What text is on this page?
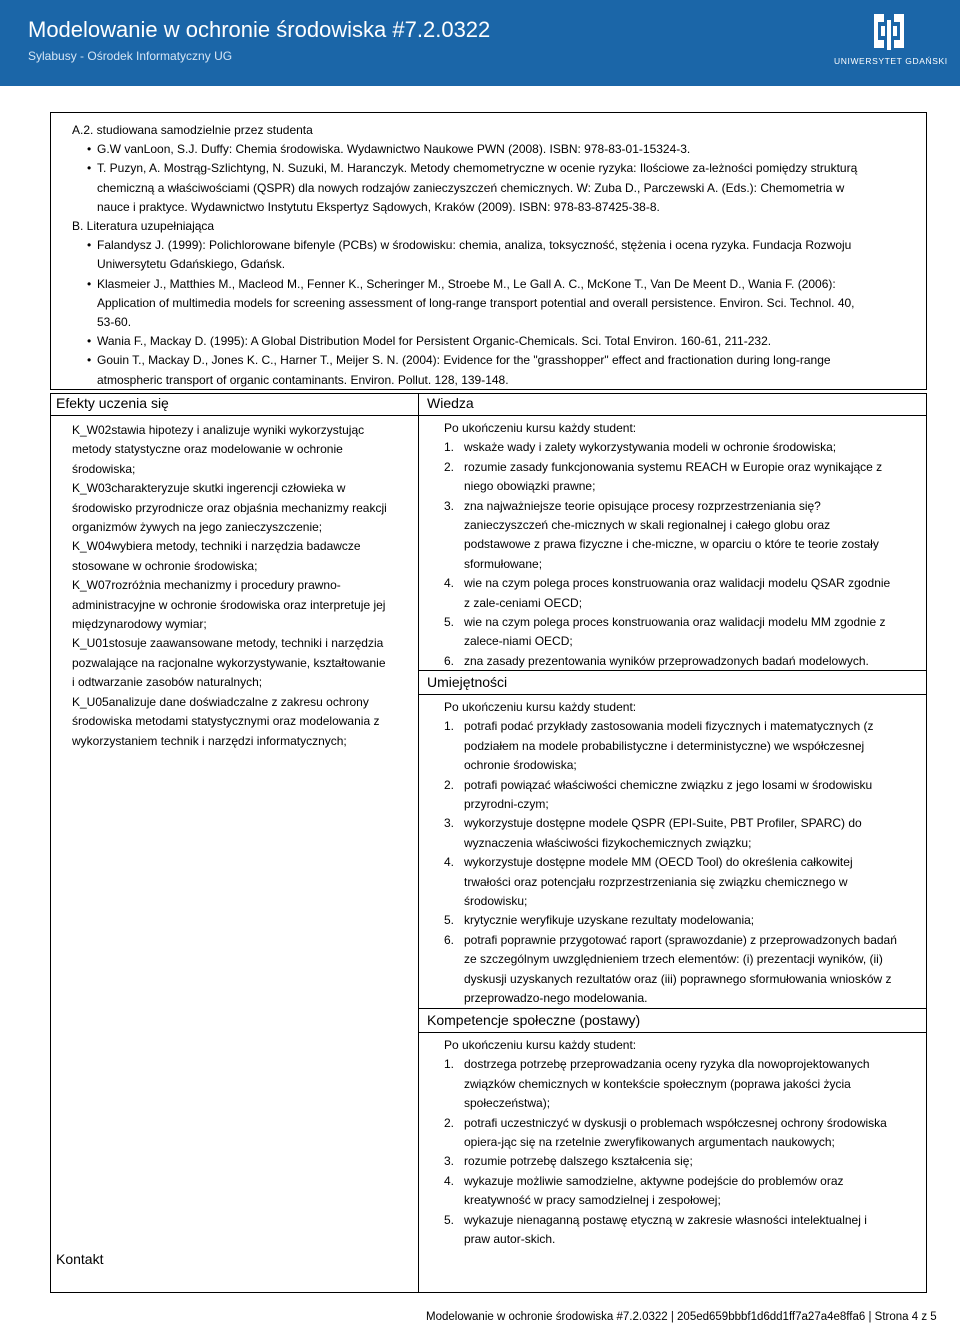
Modelowanie w ochronie środowiska #7.2.0322
Sylabusy - Ośrodek Informatyczny UG	UNIWERSYTET GDAŃSKI
A.2. studiowana samodzielnie przez studenta
• G.W vanLoon, S.J. Duffy: Chemia środowiska. Wydawnictwo Naukowe PWN (2008). ISBN: 978-83-01-15324-3.
• T. Puzyn, A. Mostrąg-Szlichtyng, N. Suzuki, M. Haranczyk. Metody chemometryczne w ocenie ryzyka: Ilościowe za-leżności pomiędzy strukturą
chemiczną a właściwościami (QSPR) dla nowych rodzajów zanieczyszczeń chemicznych. W: Zuba D., Parczewski A. (Eds.): Chemometria w
nauce i praktyce. Wydawnictwo Instytutu Ekspertyz Sądowych, Kraków (2009). ISBN: 978-83-87425-38-8.
B. Literatura uzupełniająca
• Falandysz J. (1999): Polichlorowane bifenyle (PCBs) w środowisku: chemia, analiza, toksyczność, stężenia i ocena ryzyka. Fundacja Rozwoju
Uniwersytetu Gdańskiego, Gdańsk.
• Klasmeier J., Matthies M., Macleod M., Fenner K., Scheringer M., Stroebe M., Le Gall A. C., McKone T., Van De Meent D., Wania F. (2006):
Application of multimedia models for screening assessment of long-range transport potential and overall persistence. Environ. Sci. Technol. 40,
53-60.
• Wania F., Mackay D. (1995): A Global Distribution Model for Persistent Organic-Chemicals. Sci. Total Environ. 160-61, 211-232.
• Gouin T., Mackay D., Jones K. C., Harner T., Meijer S. N. (2004): Evidence for the "grasshopper" effect and fractionation during long-range
atmospheric transport of organic contaminants. Environ. Pollut. 128, 139-148.
Efekty uczenia się	Wiedza
Umiejętności
Kompetencje społeczne (postawy)
Kontakt
K_W02stawia hipotezy i analizuje wyniki wykorzystując
metody statystyczne oraz modelowanie w ochronie
środowiska;
K_W03charakteryzuje skutki ingerencji człowieka w
środowisko przyrodnicze oraz objaśnia mechanizmy reakcji
organizmów żywych na jego zanieczyszczenie;
K_W04wybiera metody, techniki i narzędzia badawcze
stosowane w ochronie środowiska;
K_W07rozróżnia mechanizmy i procedury prawno-
administracyjne w ochronie środowiska oraz interpretuje jej
międzynarodowy wymiar;
K_U01stosuje zaawansowane metody, techniki i narzędzia
pozwalające na racjonalne wykorzystywanie, kształtowanie
i odtwarzanie zasobów naturalnych;
K_U05analizuje dane doświadczalne z zakresu ochrony
środowiska metodami statystycznymi oraz modelowania z
wykorzystaniem technik i narzędzi informatycznych;
Po ukończeniu kursu każdy student:
1. wskaże wady i zalety wykorzystywania modeli w ochronie środowiska;
2. rozumie zasady funkcjonowania systemu REACH w Europie oraz wynikające z
niego obowiązki prawne;
3. zna najważniejsze teorie opisujące procesy rozprzestrzeniania się?
zanieczyszczeń che-micznych w skali regionalnej i całego globu oraz
podstawowe z prawa fizyczne i che-miczne, w oparciu o które te teorie zostały
sformułowane;
4. wie na czym polega proces konstruowania oraz walidacji modelu QSAR zgodnie
z zale-ceniami OECD;
5. wie na czym polega proces konstruowania oraz walidacji modelu MM zgodnie z
zalece-niami OECD;
6. zna zasady prezentowania wyników przeprowadzonych badań modelowych.
Po ukończeniu kursu każdy student:
1. potrafi podać przykłady zastosowania modeli fizycznych i matematycznych (z
podziałem na modele probabilistyczne i deterministyczne) we współczesnej
ochronie środowiska;
2. potrafi powiązać właściwości chemiczne związku z jego losami w środowisku
przyrodni-czym;
3. wykorzystuje dostępne modele QSPR (EPI-Suite, PBT Profiler, SPARC) do
wyznaczenia właściwości fizykochemicznych związku;
4. wykorzystuje dostępne modele MM (OECD Tool) do określenia całkowitej
trwałości oraz potencjału rozprzestrzeniania się związku chemicznego w
środowisku;
5. krytycznie weryfikuje uzyskane rezultaty modelowania;
6. potrafi poprawnie przygotować raport (sprawozdanie) z przeprowadzonych badań
ze szczególnym uwzględnieniem trzech elementów: (i) prezentacji wyników, (ii)
dyskusji uzyskanych rezultatów oraz (iii) poprawnego sformułowania wniosków z
przeprowadzo-nego modelowania.
Po ukończeniu kursu każdy student:
1. dostrzega potrzebę przeprowadzania oceny ryzyka dla nowoprojektowanych
związków chemicznych w kontekście społecznym (poprawa jakości życia
społeczeństwa);
2. potrafi uczestniczyć w dyskusji o problemach współczesnej ochrony środowiska
opiera-jąc się na rzetelnie zweryfikowanych argumentach naukowych;
3. rozumie potrzebę dalszego kształcenia się;
4. wykazuje możliwie samodzielne, aktywne podejście do problemów oraz
kreatywność w pracy samodzielnej i zespołowej;
5. wykazuje nienaganną postawę etyczną w zakresie własności intelektualnej i
praw autor-skich.
Modelowanie w ochronie środowiska #7.2.0322 | 205ed659bbbf1d6dd1ff7a27a4e8ffa6 | Strona 4 z 5
